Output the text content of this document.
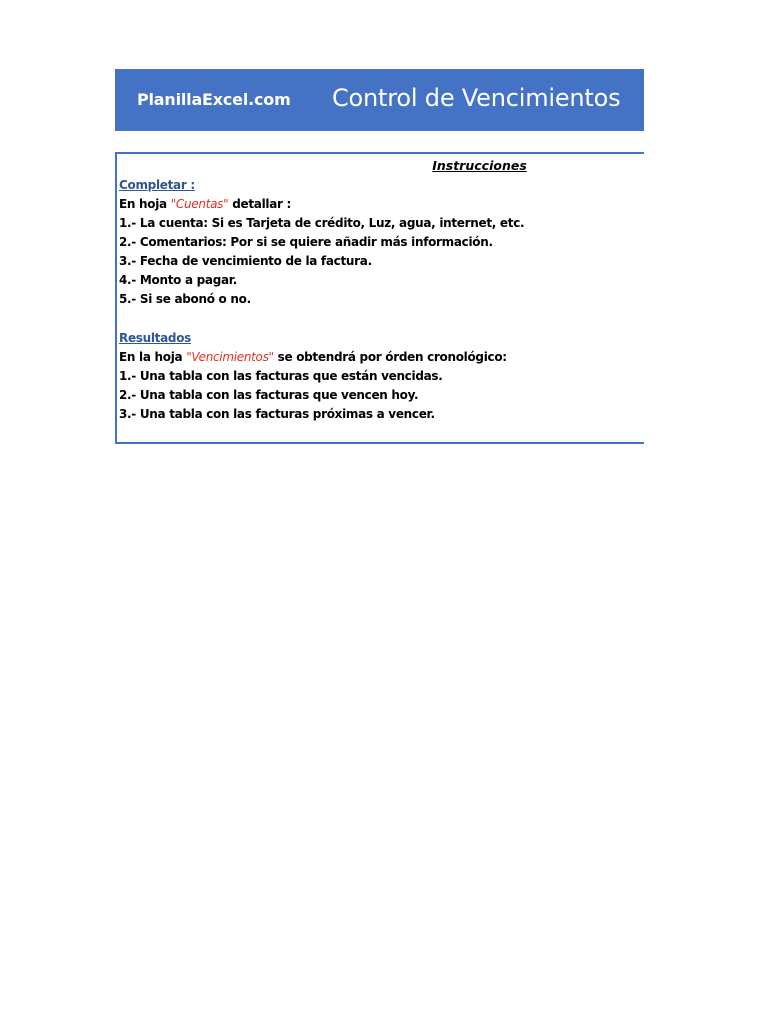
PlanillaExcel.com Control de Vencimientos
Instrucciones
Completar :
En hoja "Cuentas" detallar :
1.- La cuenta: Si es Tarjeta de crédito, Luz, agua, internet, etc.
2.- Comentarios: Por si se quiere añadir más información.
3.- Fecha de vencimiento de la factura.
4.- Monto a pagar.
5.- Si se abonó o no.
Resultados
En la hoja "Vencimientos" se obtendrá por órden cronológico:
1.- Una tabla con las facturas que están vencidas.
2.- Una tabla con las facturas que vencen hoy.
3.- Una tabla con las facturas próximas a vencer.
